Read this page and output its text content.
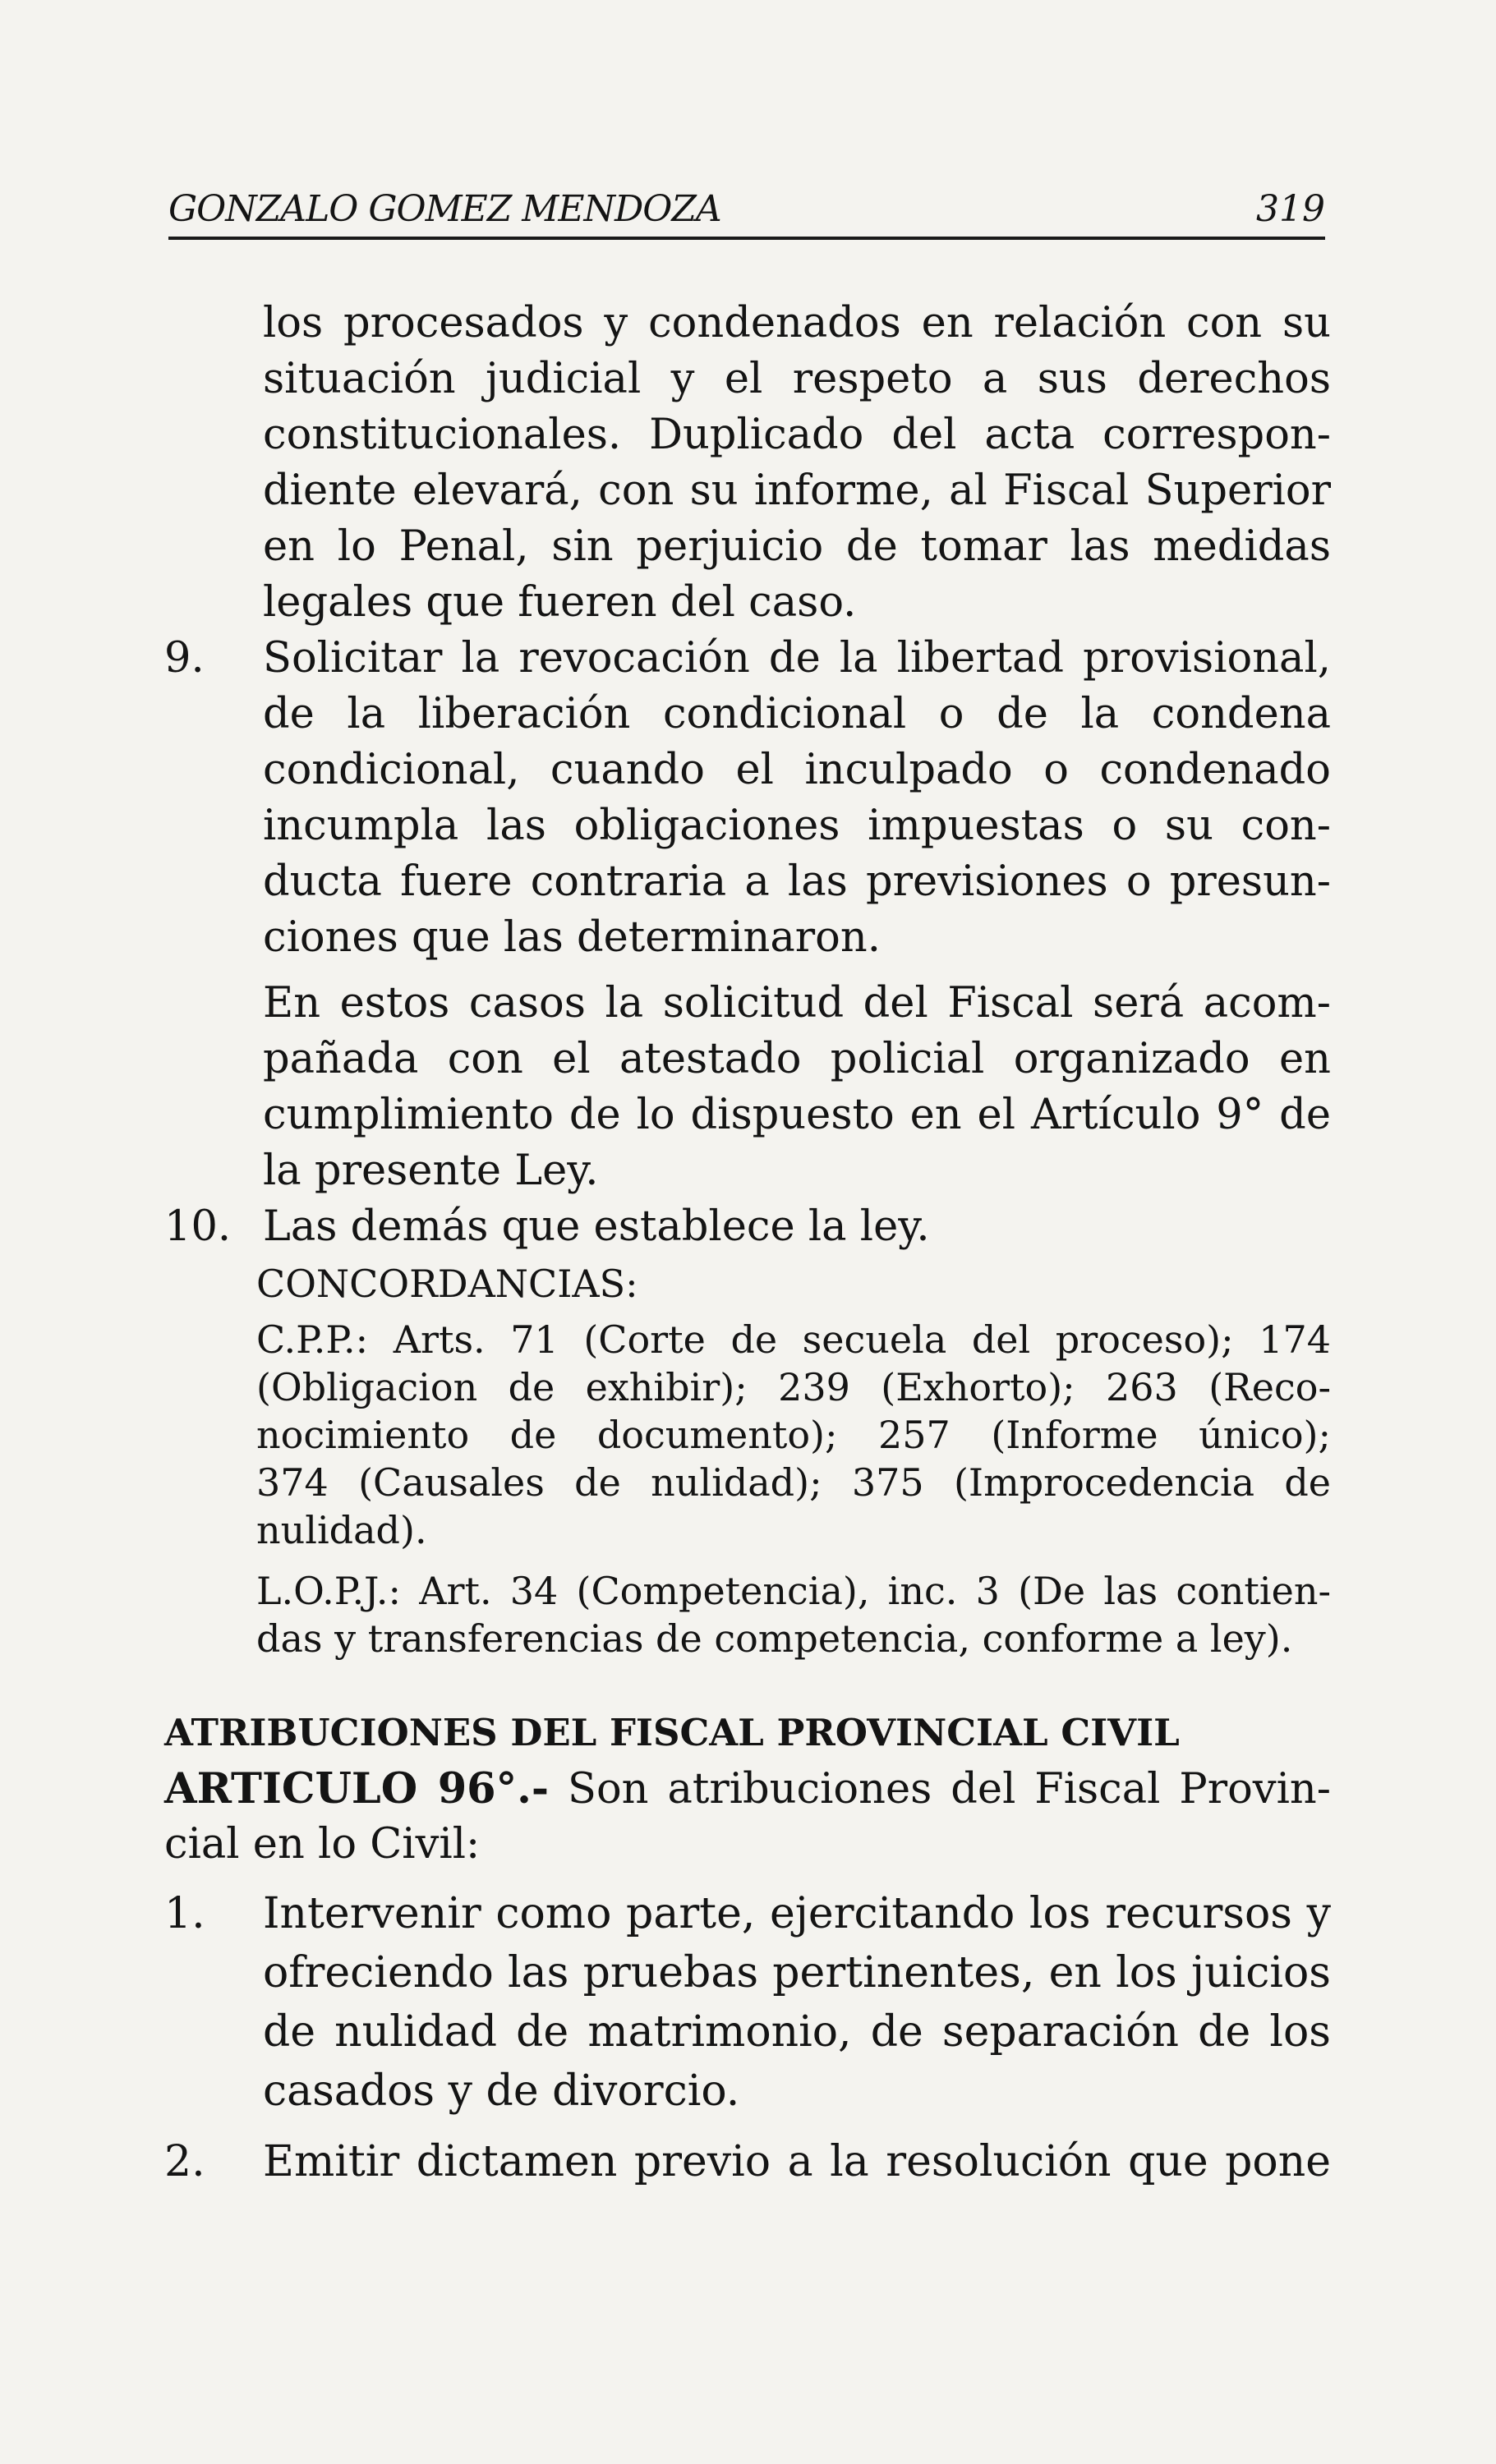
GONZALO GOMEZ MENDOZA	319
los procesados y condenados en relación con su
situación judicial y el respeto a sus derechos
constitucionales. Duplicado del acta correspon-
diente elevará, con su informe, al Fiscal Superior
en lo Penal, sin perjuicio de tomar las medidas
legales que fueren del caso.
9. Solicitar la revocación de la libertad provisional,
de la liberación condicional o de la condena
condicional, cuando el inculpado o condenado
incumpla las obligaciones impuestas o su con-
ducta fuere contraria a las previsiones o presun-
ciones que las determinaron.
En estos casos la solicitud del Fiscal será acom-
pañada con el atestado policial organizado en
cumplimiento de lo dispuesto en el Artículo 9° de
la presente Ley.
10. Las demás que establece la ley.
CONCORDANCIAS:
C.P.P.: Arts. 71 (Corte de secuela del proceso); 174
(Obligacion de exhibir); 239 (Exhorto); 263 (Reco-
nocimiento de documento); 257 (Informe único);
374 (Causales de nulidad); 375 (Improcedencia de
nulidad).
L.O.P.J.: Art. 34 (Competencia), inc. 3 (De las contien-
das y transferencias de competencia, conforme a ley).
ATRIBUCIONES DEL FISCAL PROVINCIAL CIVIL
ARTICULO 96°.- Son atribuciones del Fiscal Provin-
cial en lo Civil:
1. Intervenir como parte, ejercitando los recursos y
ofreciendo las pruebas pertinentes, en los juicios
de nulidad de matrimonio, de separación de los
casados y de divorcio.
2. Emitir dictamen previo a la resolución que pone
